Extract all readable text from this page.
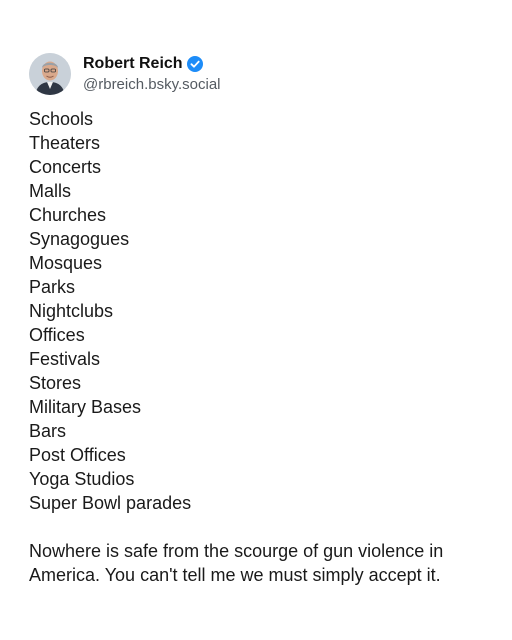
Robert Reich
@rbreich.bsky.social
Schools
Theaters
Concerts
Malls
Churches
Synagogues
Mosques
Parks
Nightclubs
Offices
Festivals
Stores
Military Bases
Bars
Post Offices
Yoga Studios
Super Bowl parades

Nowhere is safe from the scourge of gun violence in America. You can't tell me we must simply accept it.
